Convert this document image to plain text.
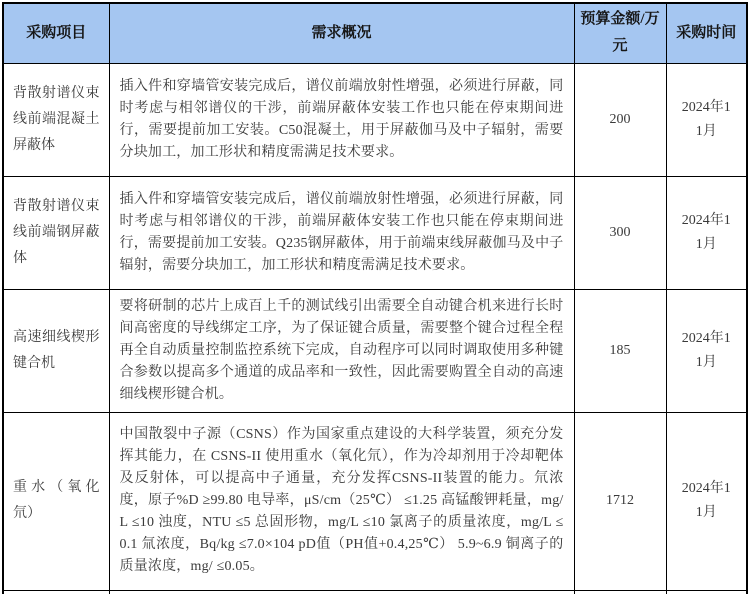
采购项目	需求概况	预算金额/万元	采购时间
背散射谱仪束线前端混凝土屏蔽体	插入件和穿墙管安装完成后，谱仪前端放射性增强，必须进行屏蔽，同时考虑与相邻谱仪的干涉，前端屏蔽体安装工作也只能在停束期间进行，需要提前加工安装。C50混凝土，用于屏蔽伽马及中子辐射，需要分块加工，加工形状和精度需满足技术要求。	200	2024年11月
背散射谱仪束线前端钢屏蔽体	插入件和穿墙管安装完成后，谱仪前端放射性增强，必须进行屏蔽，同时考虑与相邻谱仪的干涉，前端屏蔽体安装工作也只能在停束期间进行，需要提前加工安装。Q235钢屏蔽体，用于前端束线屏蔽伽马及中子辐射，需要分块加工，加工形状和精度需满足技术要求。	300	2024年11月
高速细线楔形键合机	要将研制的芯片上成百上千的测试线引出需要全自动键合机来进行长时间高密度的导线绑定工序，为了保证键合质量，需要整个键合过程全程再全自动质量控制监控系统下完成，自动程序可以同时调取使用多种键合参数以提高多个通道的成品率和一致性，因此需要购置全自动的高速细线楔形键合机。	185	2024年11月
重水（氧化氘）	中国散裂中子源（CSNS）作为国家重点建设的大科学装置，须充分发挥其能力，在 CSNS-II 使用重水（氧化氘），作为冷却剂用于冷却靶体及反射体，可以提高中子通量，充分发挥CSNS-II装置的能力。氘浓度，原子%D ≥99.80 电导率，μS/cm（25℃） ≤1.25 高锰酸钾耗量，mg/L ≤10 浊度，NTU ≤5 总固形物，mg/L ≤10 氯离子的质量浓度，mg/L ≤0.1 氚浓度，Bq/kg ≤7.0×104 pD值（PH值+0.4,25℃） 5.9~6.9 铜离子的质量浓度，mg/ ≤0.05。	1712	2024年11月
